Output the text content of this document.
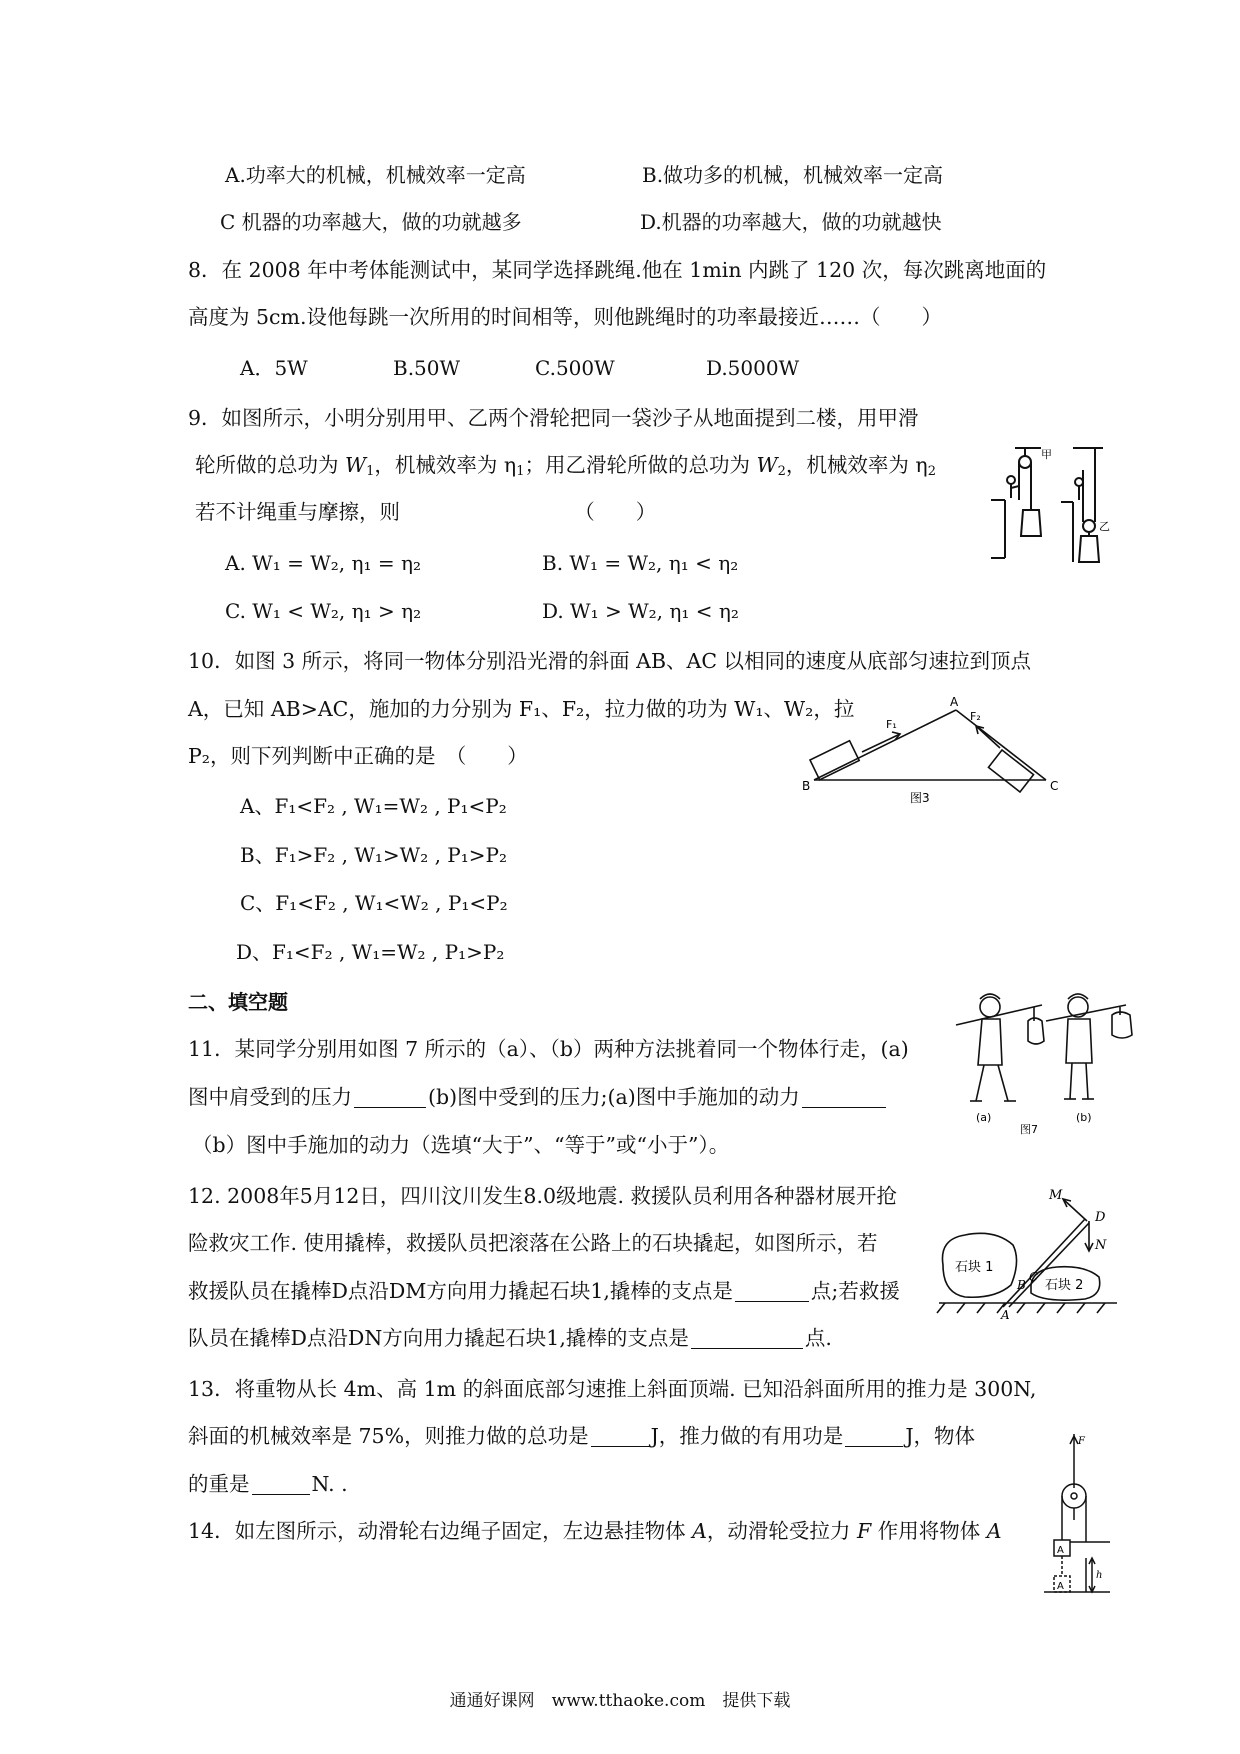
A.功率大的机械，机械效率一定高	B.做功多的机械，机械效率一定高
C 机器的功率越大，做的功就越多	D.机器的功率越大，做的功就越快
8．在 2008 年中考体能测试中，某同学选择跳绳.他在 1min 内跳了 120 次，每次跳离地面的
高度为 5cm.设他每跳一次所用的时间相等，则他跳绳时的功率最接近……（　　）
A．5W	B.50W	C.500W	D.5000W
9．如图所示，小明分别用甲、乙两个滑轮把同一袋沙子从地面提到二楼，用甲滑
轮所做的总功为 $W_1$，机械效率为 $\eta_1$；用乙滑轮所做的总功为 $W_2$，机械效率为 $\eta_2$
若不计绳重与摩擦，则　　　　　　　　　（　　）
A. W₁ = W₂, η₁ = η₂	B. W₁ = W₂, η₁ < η₂
C. W₁ < W₂, η₁ > η₂	D. W₁ > W₂, η₁ < η₂
甲
乙
10．如图 3 所示，将同一物体分别沿光滑的斜面 AB、AC 以相同的速度从底部匀速拉到顶点
A，已知 AB>AC，施加的力分别为 F₁、F₂，拉力做的功为 W₁、W₂，拉
P₂，则下列判断中正确的是　（　　）
A、F₁<F₂ , W₁=W₂ , P₁<P₂
B、F₁>F₂ , W₁>W₂ , P₁>P₂
C、F₁<F₂ , W₁<W₂ , P₁<P₂
D、F₁<F₂ , W₁=W₂ , P₁>P₂
A
B	C
F₁
F₂
图3
二、填空题
11．某同学分别用如图 7 所示的（a）、（b）两种方法挑着同一个物体行走，(a)
图中肩受到的压力	(b)图中受到的压力;(a)图中手施加的动力
（b）图中手施加的动力（选填“大于”、“等于”或“小于”）。
(a)	(b)
图7
12. 2008年5月12日，四川汶川发生8.0级地震. 救援队员利用各种器材展开抢
险救灾工作. 使用撬棒，救援队员把滚落在公路上的石块撬起，如图所示，若
救援队员在撬棒D点沿DM方向用力撬起石块1,撬棒的支点是	点;若救援
队员在撬棒D点沿DN方向用力撬起石块1,撬棒的支点是	点.
石块 1
石块 2
M
D
N
B
C
A
13．将重物从长 4m、高 1m 的斜面底部匀速推上斜面顶端. 已知沿斜面所用的推力是 300N,
斜面的机械效率是 75%，则推力做的总功是	J，推力做的有用功是	J，物体
的重是	N. .
14．如左图所示，动滑轮右边绳子固定，左边悬挂物体 A，动滑轮受拉力 F 作用将物体 A
F
A
A
h
通通好课网　www.tthaoke.com　提供下载
